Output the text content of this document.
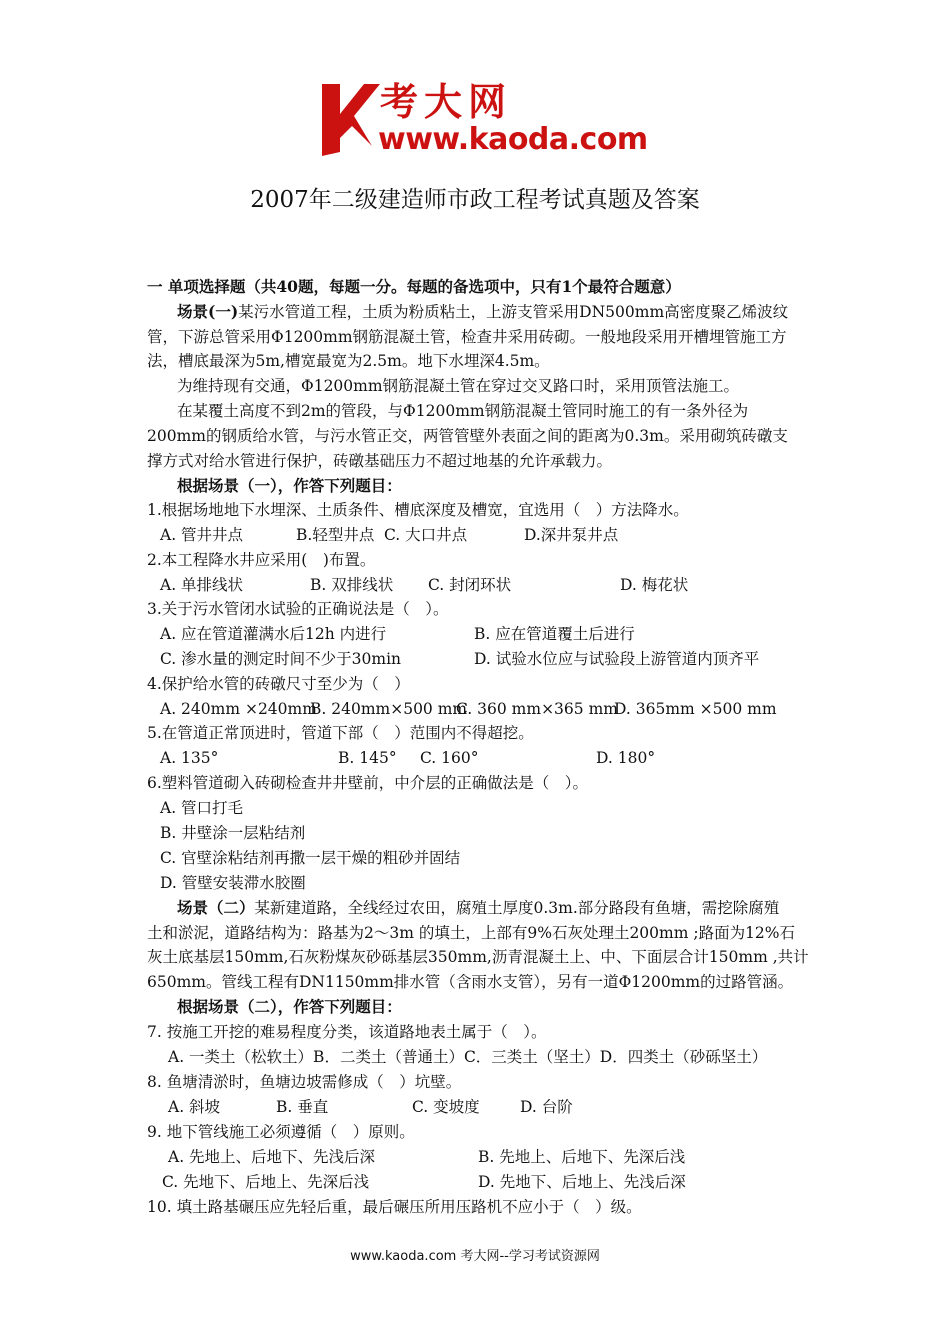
考大网
www.kaoda.com
2007年二级建造师市政工程考试真题及答案
一 单项选择题（共40题，每题一分。每题的备选项中，只有1个最符合题意）
场景(一)某污水管道工程，土质为粉质粘土，上游支管采用DN500mm高密度聚乙烯波纹
管，下游总管采用Φ1200mm钢筋混凝土管，检查井采用砖砌。一般地段采用开槽埋管施工方
法，槽底最深为5m,槽宽最宽为2.5m。地下水埋深4.5m。
为维持现有交通，Φ1200mm钢筋混凝土管在穿过交叉路口时，采用顶管法施工。
在某覆土高度不到2m的管段，与Φ1200mm钢筋混凝土管同时施工的有一条外径为
200mm的钢质给水管，与污水管正交，两管管壁外表面之间的距离为0.3m。采用砌筑砖礅支
撑方式对给水管进行保护，砖礅基础压力不超过地基的允许承载力。
根据场景（一），作答下列题目：
1.根据场地地下水埋深、土质条件、槽底深度及槽宽，宜选用（　）方法降水。
A. 管井井点	B.轻型井点 C. 大口井点	D.深井泵井点
2.本工程降水井应采用(　)布置。
A. 单排线状	B. 双排线状 C. 封闭环状	D. 梅花状
3.关于污水管闭水试验的正确说法是（　）。
A. 应在管道灌满水后12h 内进行	B. 应在管道覆土后进行
C. 渗水量的测定时间不少于30min	D. 试验水位应与试验段上游管道内顶齐平
4.保护给水管的砖礅尺寸至少为（　）
A. 240mm ×240mm
B. 240mm×500 mm
C. 360 mm×365 mm
D. 365mm ×500 mm
5.在管道正常顶进时，管道下部（　）范围内不得超挖。
A. 135°	B. 145° C. 160°	D. 180°
6.塑料管道砌入砖砌检查井井壁前，中介层的正确做法是（　）。
A. 管口打毛
B. 井壁涂一层粘结剂
C. 官壁涂粘结剂再撒一层干燥的粗砂并固结
D. 管壁安装滞水胶圈
场景（二）某新建道路，全线经过农田，腐殖土厚度0.3m.部分路段有鱼塘，需挖除腐殖
土和淤泥，道路结构为：路基为2～3m 的填土，上部有9%石灰处理土200mm ;路面为12%石
灰土底基层150mm,石灰粉煤灰砂砾基层350mm,沥青混凝土上、中、下面层合计150mm ,共计
650mm。管线工程有DN1150mm排水管（含雨水支管），另有一道Φ1200mm的过路管涵。
根据场景（二），作答下列题目：
7. 按施工开挖的难易程度分类，该道路地表土属于（　）。
A. 一类土（松软土）B．二类土（普通土）C．三类土（坚土）D．四类土（砂砾坚土）
8. 鱼塘清淤时，鱼塘边坡需修成（　）坑壁。
A. 斜坡	B. 垂直	C. 变坡度	D. 台阶
9. 地下管线施工必须遵循（　）原则。
A. 先地上、后地下、先浅后深	B. 先地上、后地下、先深后浅
C. 先地下、后地上、先深后浅	D. 先地下、后地上、先浅后深
10. 填土路基碾压应先轻后重，最后碾压所用压路机不应小于（　）级。
www.kaoda.com 考大网--学习考试资源网
